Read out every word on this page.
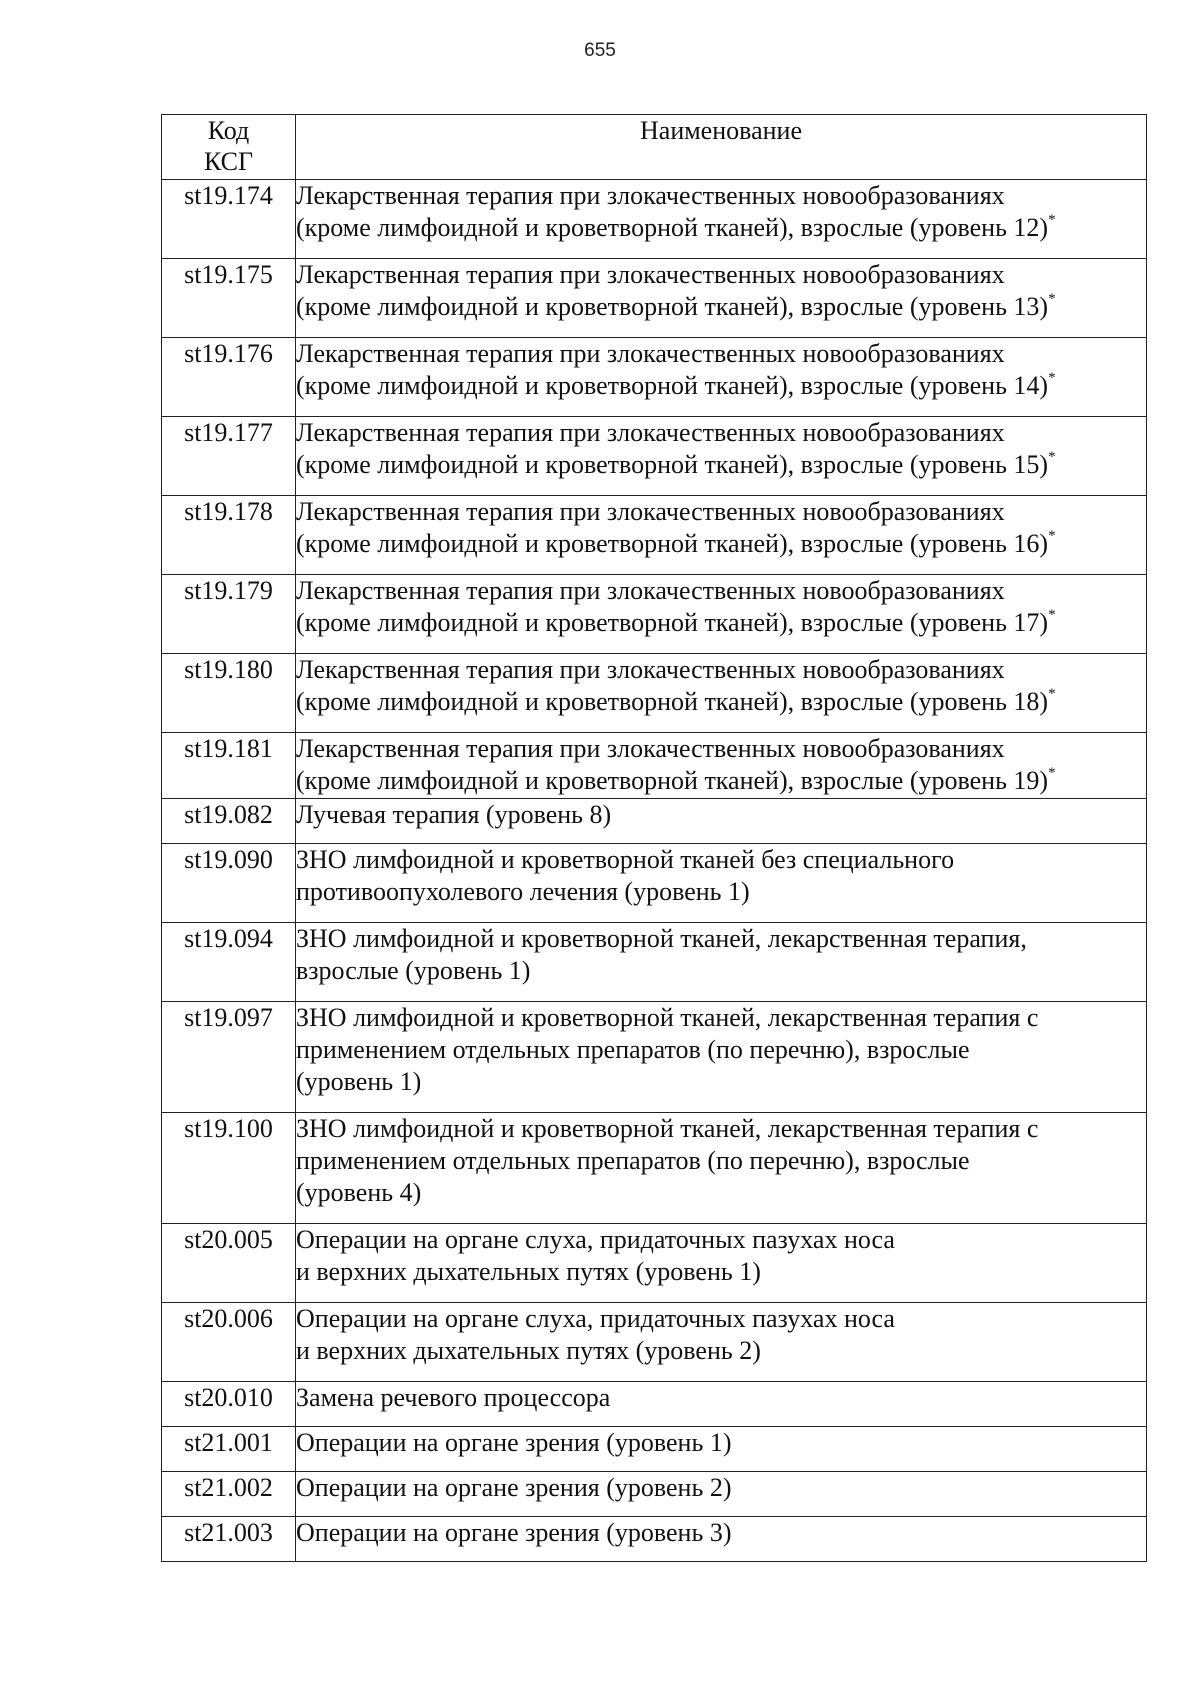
655
Код
КСГ	Наименование
st19.174	Лекарственная терапия при злокачественных новообразованиях
(кроме лимфоидной и кроветворной тканей), взрослые (уровень 12)*
st19.175	Лекарственная терапия при злокачественных новообразованиях
(кроме лимфоидной и кроветворной тканей), взрослые (уровень 13)*
st19.176	Лекарственная терапия при злокачественных новообразованиях
(кроме лимфоидной и кроветворной тканей), взрослые (уровень 14)*
st19.177	Лекарственная терапия при злокачественных новообразованиях
(кроме лимфоидной и кроветворной тканей), взрослые (уровень 15)*
st19.178	Лекарственная терапия при злокачественных новообразованиях
(кроме лимфоидной и кроветворной тканей), взрослые (уровень 16)*
st19.179	Лекарственная терапия при злокачественных новообразованиях
(кроме лимфоидной и кроветворной тканей), взрослые (уровень 17)*
st19.180	Лекарственная терапия при злокачественных новообразованиях
(кроме лимфоидной и кроветворной тканей), взрослые (уровень 18)*
st19.181	Лекарственная терапия при злокачественных новообразованиях
(кроме лимфоидной и кроветворной тканей), взрослые (уровень 19)*
st19.082	Лучевая терапия (уровень 8)
st19.090	ЗНО лимфоидной и кроветворной тканей без специального
противоопухолевого лечения (уровень 1)
st19.094	ЗНО лимфоидной и кроветворной тканей, лекарственная терапия,
взрослые (уровень 1)
st19.097	ЗНО лимфоидной и кроветворной тканей, лекарственная терапия с
применением отдельных препаратов (по перечню), взрослые
(уровень 1)
st19.100	ЗНО лимфоидной и кроветворной тканей, лекарственная терапия с
применением отдельных препаратов (по перечню), взрослые
(уровень 4)
st20.005	Операции на органе слуха, придаточных пазухах носа
и верхних дыхательных путях (уровень 1)
st20.006	Операции на органе слуха, придаточных пазухах носа
и верхних дыхательных путях (уровень 2)
st20.010	Замена речевого процессора
st21.001	Операции на органе зрения (уровень 1)
st21.002	Операции на органе зрения (уровень 2)
st21.003	Операции на органе зрения (уровень 3)
